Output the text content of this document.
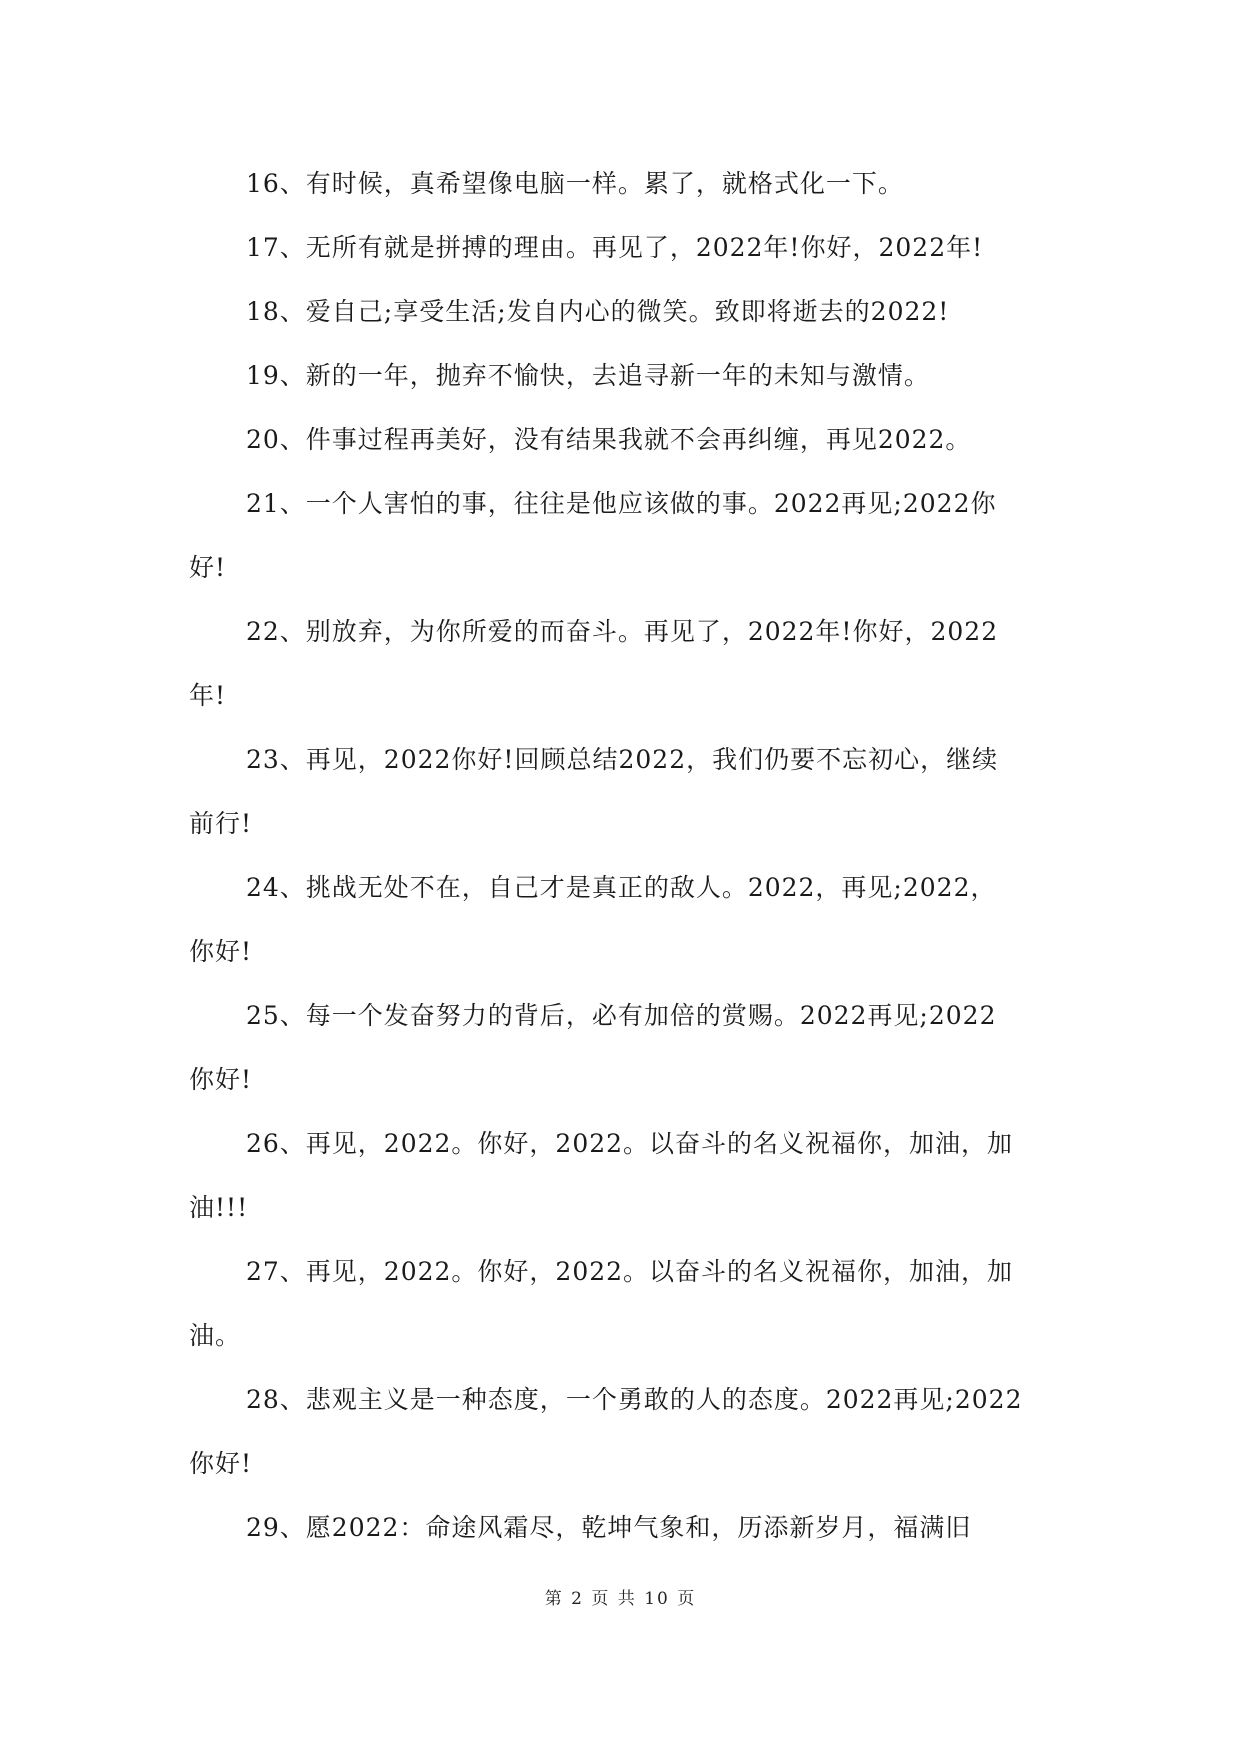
16、有时候，真希望像电脑一样。累了，就格式化一下。
17、无所有就是拼搏的理由。再见了，2022年!你好，2022年!
18、爱自己;享受生活;发自内心的微笑。致即将逝去的2022!
19、新的一年，抛弃不愉快，去追寻新一年的未知与激情。
20、件事过程再美好，没有结果我就不会再纠缠，再见2022。
21、一个人害怕的事，往往是他应该做的事。2022再见;2022你
好!
22、别放弃，为你所爱的而奋斗。再见了，2022年!你好，2022
年!
23、再见，2022你好!回顾总结2022，我们仍要不忘初心，继续
前行!
24、挑战无处不在，自己才是真正的敌人。2022，再见;2022，
你好!
25、每一个发奋努力的背后，必有加倍的赏赐。2022再见;2022
你好!
26、再见，2022。你好，2022。以奋斗的名义祝福你，加油，加
油!!!
27、再见，2022。你好，2022。以奋斗的名义祝福你，加油，加
油。
28、悲观主义是一种态度，一个勇敢的人的态度。2022再见;2022
你好!
29、愿2022：命途风霜尽，乾坤气象和，历添新岁月，福满旧
第 2 页 共 10 页
